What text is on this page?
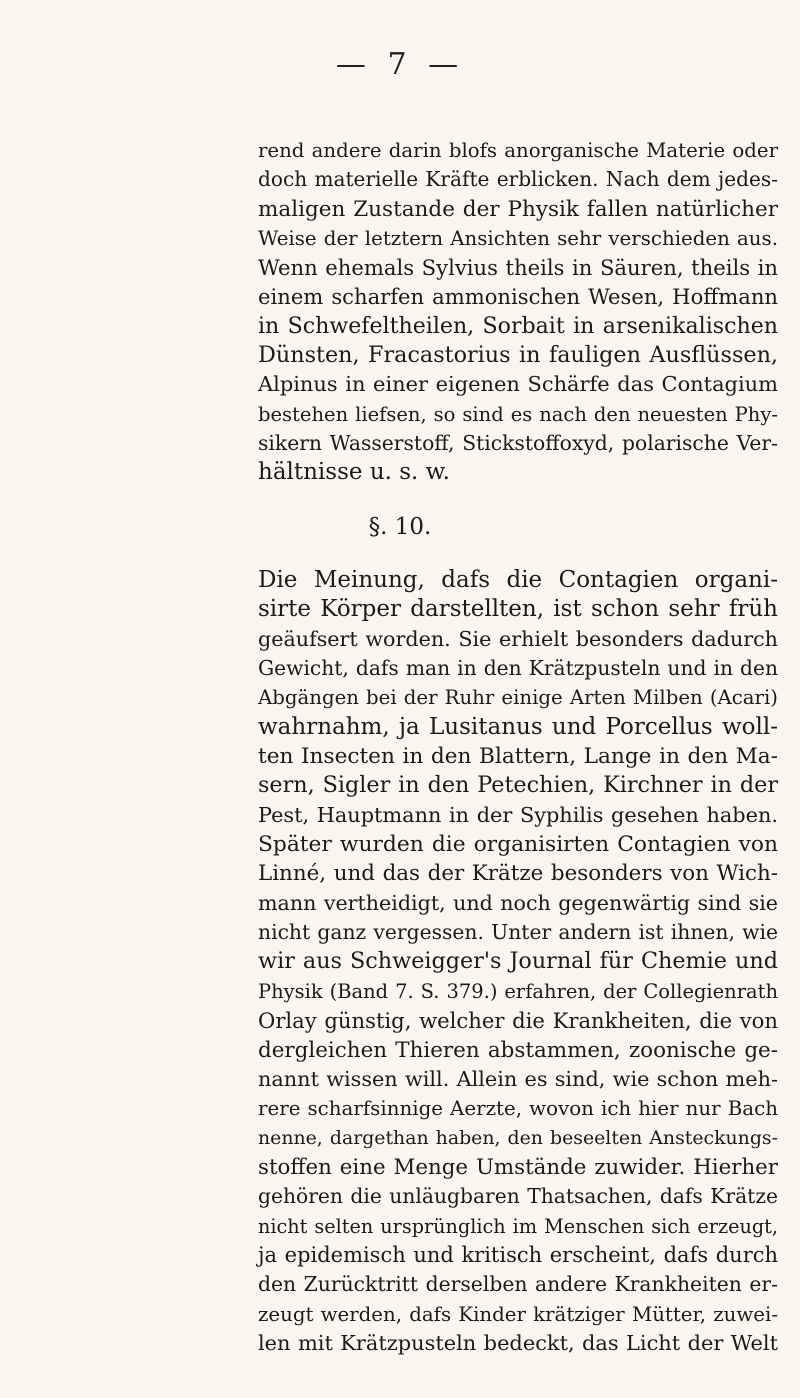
— 7 —
rend andere darin blofs anorganische Materie oder
doch materielle Kräfte erblicken. Nach dem jedes-
maligen Zustande der Physik fallen natürlicher
Weise der letztern Ansichten sehr verschieden aus.
Wenn ehemals Sylvius theils in Säuren, theils in
einem scharfen ammonischen Wesen, Hoffmann
in Schwefeltheilen, Sorbait in arsenikalischen
Dünsten, Fracastorius in fauligen Ausflüssen,
Alpinus in einer eigenen Schärfe das Contagium
bestehen liefsen, so sind es nach den neuesten Phy-
sikern Wasserstoff, Stickstoffoxyd, polarische Ver-
hältnisse u. s. w.
§. 10.
Die Meinung, dafs die Contagien organi-
sirte Körper darstellten, ist schon sehr früh
geäufsert worden. Sie erhielt besonders dadurch
Gewicht, dafs man in den Krätzpusteln und in den
Abgängen bei der Ruhr einige Arten Milben (Acari)
wahrnahm, ja Lusitanus und Porcellus woll-
ten Insecten in den Blattern, Lange in den Ma-
sern, Sigler in den Petechien, Kirchner in der
Pest, Hauptmann in der Syphilis gesehen haben.
Später wurden die organisirten Contagien von
Linné, und das der Krätze besonders von Wich-
mann vertheidigt, und noch gegenwärtig sind sie
nicht ganz vergessen. Unter andern ist ihnen, wie
wir aus Schweigger's Journal für Chemie und
Physik (Band 7. S. 379.) erfahren, der Collegienrath
Orlay günstig, welcher die Krankheiten, die von
dergleichen Thieren abstammen, zoonische ge-
nannt wissen will. Allein es sind, wie schon meh-
rere scharfsinnige Aerzte, wovon ich hier nur Bach
nenne, dargethan haben, den beseelten Ansteckungs-
stoffen eine Menge Umstände zuwider. Hierher
gehören die unläugbaren Thatsachen, dafs Krätze
nicht selten ursprünglich im Menschen sich erzeugt,
ja epidemisch und kritisch erscheint, dafs durch
den Zurücktritt derselben andere Krankheiten er-
zeugt werden, dafs Kinder krätziger Mütter, zuwei-
len mit Krätzpusteln bedeckt, das Licht der Welt
